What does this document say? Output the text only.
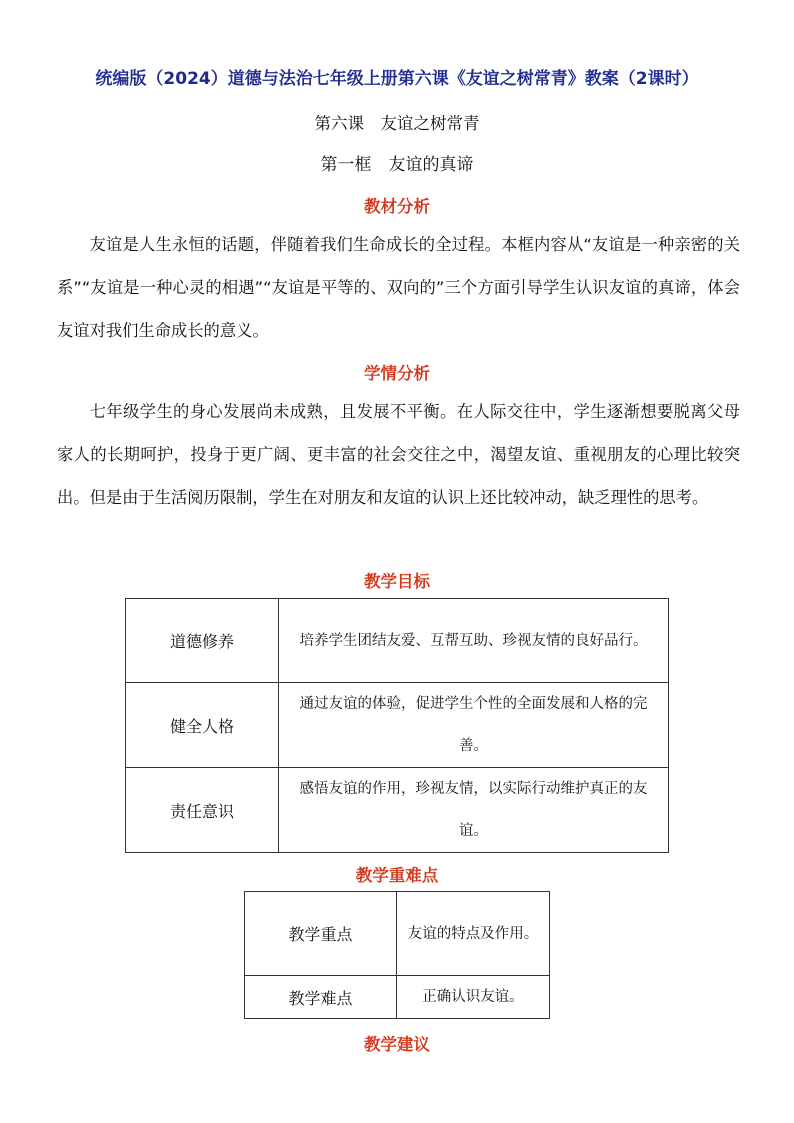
统编版（2024）道德与法治七年级上册第六课《友谊之树常青》教案（2课时）
第六课　友谊之树常青
第一框　友谊的真谛
教材分析

友谊是人生永恒的话题，伴随着我们生命成长的全过程。本框内容从“友谊是一种亲密的关系”“友谊是一种心灵的相遇”“友谊是平等的、双向的”三个方面引导学生认识友谊的真谛，体会友谊对我们生命成长的意义。

学情分析

七年级学生的身心发展尚未成熟，且发展不平衡。在人际交往中，学生逐渐想要脱离父母家人的长期呵护，投身于更广阔、更丰富的社会交往之中，渴望友谊、重视朋友的心理比较突出。但是由于生活阅历限制，学生在对朋友和友谊的认识上还比较冲动，缺乏理性的思考。

教学目标
道德修养	培养学生团结友爱、互帮互助、珍视友情的良好品行。
健全人格	通过友谊的体验，促进学生个性的全面发展和人格的完善。
责任意识	感悟友谊的作用，珍视友情，以实际行动维护真正的友谊。
教学重难点
教学重点	友谊的特点及作用。
教学难点	正确认识友谊。
教学建议
